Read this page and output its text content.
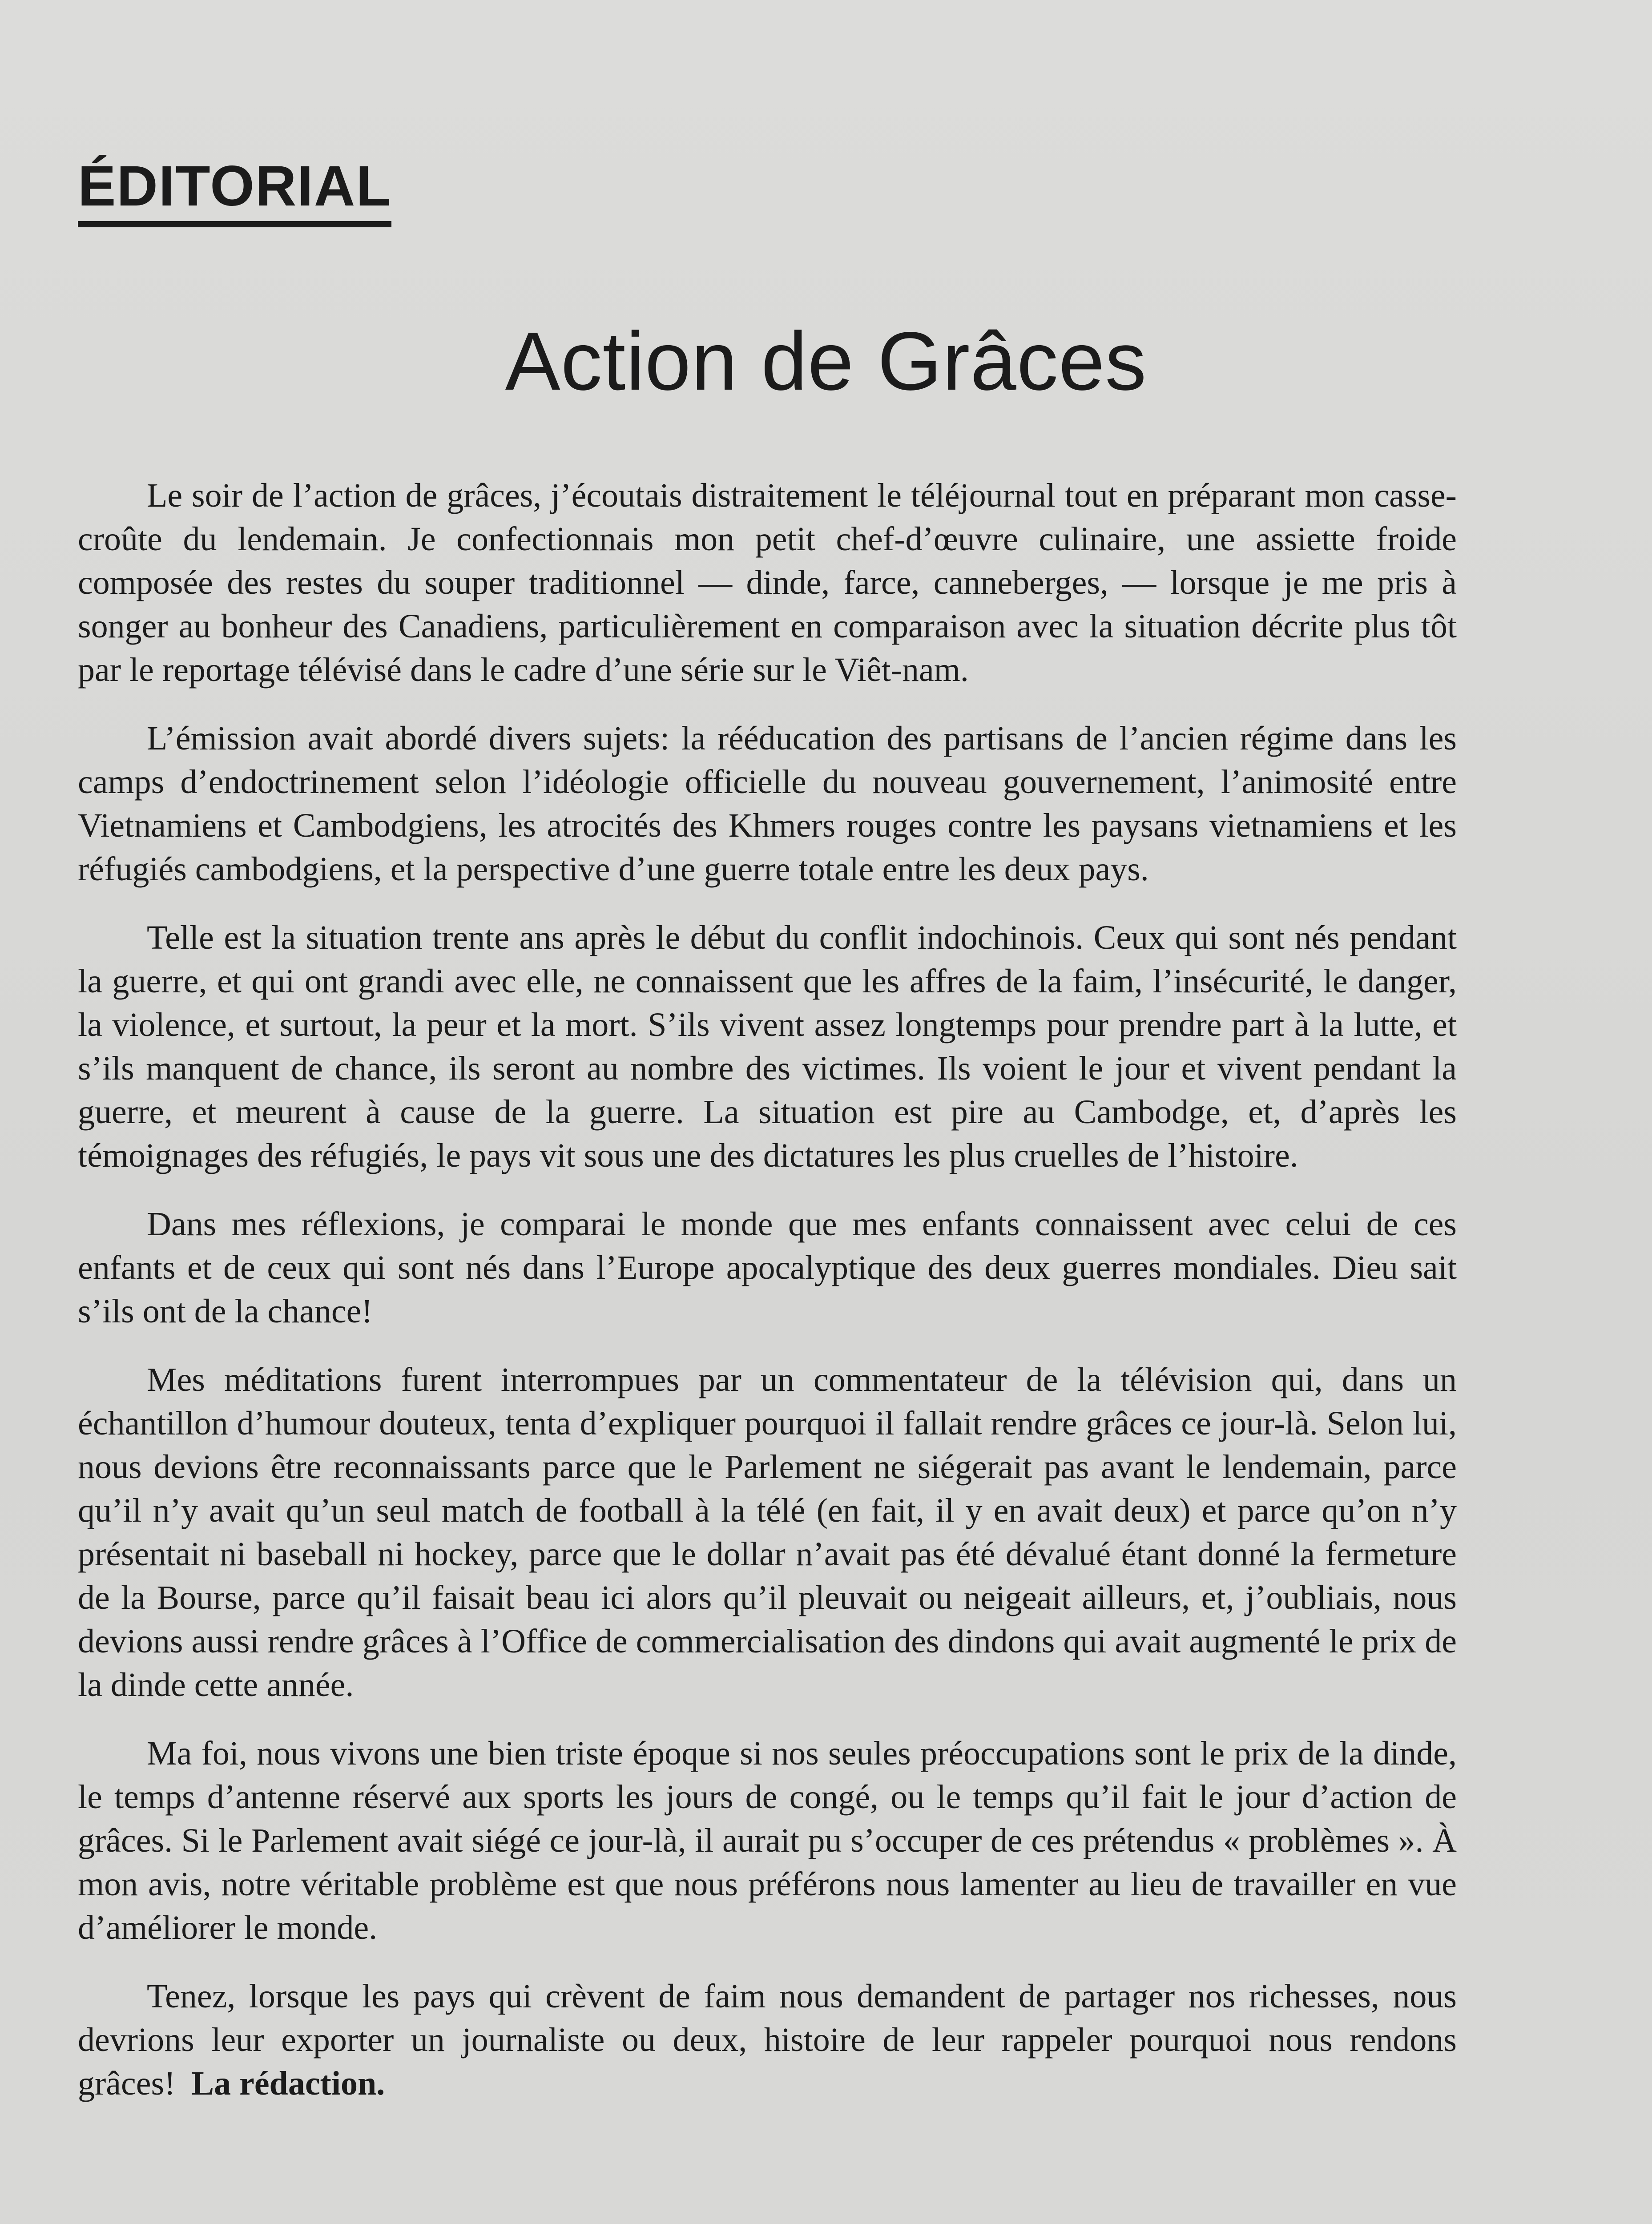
ÉDITORIAL
Action de Grâces

Le soir de l’action de grâces, j’écoutais distraitement le téléjournal tout en préparant mon casse-croûte du lendemain. Je confectionnais mon petit chef-d’œuvre culinaire, une assiette froide composée des restes du souper traditionnel — dinde, farce, canneberges, — lorsque je me pris à songer au bonheur des Canadiens, particulièrement en comparaison avec la situation décrite plus tôt par le reportage télévisé dans le cadre d’une série sur le Viêt-nam.

L’émission avait abordé divers sujets: la rééducation des partisans de l’ancien régime dans les camps d’endoctrinement selon l’idéologie officielle du nouveau gouvernement, l’animosité entre Vietnamiens et Cambodgiens, les atrocités des Khmers rouges contre les paysans vietnamiens et les réfugiés cambodgiens, et la perspective d’une guerre totale entre les deux pays.

Telle est la situation trente ans après le début du conflit indochinois. Ceux qui sont nés pendant la guerre, et qui ont grandi avec elle, ne connaissent que les affres de la faim, l’insécurité, le danger, la violence, et surtout, la peur et la mort. S’ils vivent assez longtemps pour prendre part à la lutte, et s’ils manquent de chance, ils seront au nombre des victimes. Ils voient le jour et vivent pendant la guerre, et meurent à cause de la guerre. La situation est pire au Cambodge, et, d’après les témoignages des réfugiés, le pays vit sous une des dictatures les plus cruelles de l’histoire.

Dans mes réflexions, je comparai le monde que mes enfants connaissent avec celui de ces enfants et de ceux qui sont nés dans l’Europe apocalyptique des deux guerres mondiales. Dieu sait s’ils ont de la chance!

Mes méditations furent interrompues par un commentateur de la télévision qui, dans un échantillon d’humour douteux, tenta d’expliquer pourquoi il fallait rendre grâces ce jour-là. Selon lui, nous devions être reconnaissants parce que le Parlement ne siégerait pas avant le lendemain, parce qu’il n’y avait qu’un seul match de football à la télé (en fait, il y en avait deux) et parce qu’on n’y présentait ni baseball ni hockey, parce que le dollar n’avait pas été dévalué étant donné la fermeture de la Bourse, parce qu’il faisait beau ici alors qu’il pleuvait ou neigeait ailleurs, et, j’oubliais, nous devions aussi rendre grâces à l’Office de commercialisation des dindons qui avait augmenté le prix de la dinde cette année.

Ma foi, nous vivons une bien triste époque si nos seules préoccupations sont le prix de la dinde, le temps d’antenne réservé aux sports les jours de congé, ou le temps qu’il fait le jour d’action de grâces. Si le Parlement avait siégé ce jour-là, il aurait pu s’occuper de ces prétendus « problèmes ». À mon avis, notre véritable problème est que nous préférons nous lamenter au lieu de travailler en vue d’améliorer le monde.

Tenez, lorsque les pays qui crèvent de faim nous demandent de partager nos richesses, nous devrions leur exporter un journaliste ou deux, histoire de leur rappeler pourquoi nous rendons grâces! La rédaction.
